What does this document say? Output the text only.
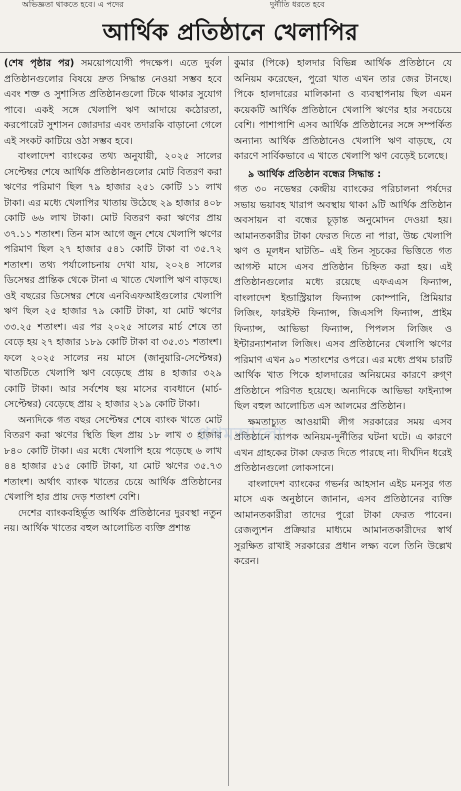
অভিজ্ঞতা থাকতে হবে। এ পদের	দুর্নীতি ধরতে হবে
আর্থিক প্রতিষ্ঠানে খেলাপির

(শেষ পৃষ্ঠার পর) সময়োপযোগী পদক্ষেপ। এতে দুর্বল প্রতিষ্ঠানগুলোর বিষয়ে দ্রুত সিদ্ধান্ত নেওয়া সম্ভব হবে এবং শক্ত ও সুশাসিত প্রতিষ্ঠানগুলো টিকে থাকার সুযোগ পাবে। একই সঙ্গে খেলাপি ঋণ আদায়ে কঠোরতা, করপোরেট সুশাসন জোরদার এবং তদারকি বাড়ানো গেলে এই সংকট কাটিয়ে ওঠা সম্ভব হবে।

বাংলাদেশ ব্যাংকের তথ্য অনুযায়ী, ২০২৫ সালের সেপ্টেম্বর শেষে আর্থিক প্রতিষ্ঠানগুলোর মোট বিতরণ করা ঋণের পরিমাণ ছিল ৭৯ হাজার ২৫১ কোটি ১১ লাখ টাকা। এর মধ্যে খেলাপির খাতায় উঠেছে ২৯ হাজার ৪০৮ কোটি ৬৬ লাখ টাকা। মোট বিতরণ করা ঋণের প্রায় ৩৭.১১ শতাংশ। তিন মাস আগে জুন শেষে খেলাপি ঋণের পরিমাণ ছিল ২৭ হাজার ৫৪১ কোটি টাকা বা ৩৫.৭২ শতাংশ। তথ্য পর্যালোচনায় দেখা যায়, ২০২৪ সালের ডিসেম্বর প্রান্তিক থেকে টানা এ খাতে খেলাপি ঋণ বাড়ছে। ওই বছরের ডিসেম্বর শেষে এনবিএফআইগুলোর খেলাপি ঋণ ছিল ২৫ হাজার ৭৯ কোটি টাকা, যা মোট ঋণের ৩৩.২৫ শতাংশ। এর পর ২০২৫ সালের মার্চ শেষে তা বেড়ে হয় ২৭ হাজার ১৮৯ কোটি টাকা বা ৩৫.৩১ শতাংশ। ফলে ২০২৫ সালের নয় মাসে (জানুয়ারি-সেপ্টেম্বর) খাতটিতে খেলাপি ঋণ বেড়েছে প্রায় ৪ হাজার ৩২৯ কোটি টাকা। আর সর্বশেষ ছয় মাসের ব্যবধানে (মার্চ-সেপ্টেম্বর) বেড়েছে প্রায় ২ হাজার ২১৯ কোটি টাকা।

অন্যদিকে গত বছর সেপ্টেম্বর শেষে ব্যাংক খাতে মোট বিতরণ করা ঋণের স্থিতি ছিল প্রায় ১৮ লাখ ৩ হাজার ৮৪০ কোটি টাকা। এর মধ্যে খেলাপি হয়ে পড়েছে ৬ লাখ ৪৪ হাজার ৫১৫ কোটি টাকা, যা মোট ঋণের ৩৫.৭৩ শতাংশ। অর্থাৎ ব্যাংক খাতের চেয়ে আর্থিক প্রতিষ্ঠানের খেলাপি হার প্রায় দেড় শতাংশ বেশি।

দেশের ব্যাংকবহির্ভূত আর্থিক প্রতিষ্ঠানের দুরবস্থা নতুন নয়। আর্থিক খাতের বহুল আলোচিত ব্যক্তি প্রশান্ত

কুমার (পিকে) হালদার বিভিন্ন আর্থিক প্রতিষ্ঠানে যে অনিয়ম করেছেন, পুরো খাত এখন তার জের টানছে। পিকে হালদারের মালিকানা ও ব্যবস্থাপনায় ছিল এমন কয়েকটি আর্থিক প্রতিষ্ঠানে খেলাপি ঋণের হার সবচেয়ে বেশি। পাশাপাশি এসব আর্থিক প্রতিষ্ঠানের সঙ্গে সম্পর্কিত অন্যান্য আর্থিক প্রতিষ্ঠানেও খেলাপি ঋণ বাড়ছে, যে কারণে সার্বিকভাবে এ খাতে খেলাপি ঋণ বেড়েই চলেছে।

৯ আর্থিক প্রতিষ্ঠান বন্ধের সিদ্ধান্ত :

গত ৩০ নভেম্বর কেন্দ্রীয় ব্যাংকের পরিচালনা পর্ষদের সভায় ভয়াবহ খারাপ অবস্থায় থাকা ৯টি আর্থিক প্রতিষ্ঠান অবসায়ন বা বন্ধের চূড়ান্ত অনুমোদন দেওয়া হয়। আমানতকারীর টাকা ফেরত দিতে না পারা, উচ্চ খেলাপি ঋণ ও মূলধন ঘাটতি– এই তিন সূচকের ভিত্তিতে গত আগস্ট মাসে এসব প্রতিষ্ঠান চিহ্নিত করা হয়। এই প্রতিষ্ঠানগুলোর মধ্যে রয়েছে এফএএস ফিন্যান্স, বাংলাদেশ ইন্ডাস্ট্রিয়াল ফিন্যান্স কোম্পানি, প্রিমিয়ার লিজিং, ফারইস্ট ফিন্যান্স, জিএসপি ফিন্যান্স, প্রাইম ফিন্যান্স, আভিভা ফিন্যান্স, পিপলস লিজিং ও ইন্টারন্যাশনাল লিজিং। এসব প্রতিষ্ঠানের খেলাপি ঋণের পরিমাণ এখন ৯০ শতাংশের ওপরে। এর মধ্যে প্রথম চারটি আর্থিক খাত পিকে হালদারের অনিয়মের কারণে রুগ্ণ প্রতিষ্ঠানে পরিণত হয়েছে। অন্যদিকে আভিভা ফাইন্যান্স ছিল বহুল আলোচিত এস আলমের প্রতিষ্ঠান।

ক্ষমতাচ্যুত আওয়ামী লীগ সরকারের সময় এসব প্রতিষ্ঠানে ব্যাপক অনিয়ম-দুর্নীতির ঘটনা ঘটে। এ কারণে এখন গ্রাহকের টাকা ফেরত দিতে পারছে না। দীর্ঘদিন ধরেই প্রতিষ্ঠানগুলো লোকসানে।

বাংলাদেশ ব্যাংকের গভর্নর আহসান এইচ মনসুর গত মাসে এক অনুষ্ঠানে জানান, এসব প্রতিষ্ঠানের ব্যক্তি আমানতকারীরা তাদের পুরো টাকা ফেরত পাবেন। রেজল্যুশন প্রক্রিয়ার মাধ্যমে আমানতকারীদের স্বার্থ সুরক্ষিত রাখাই সরকারের প্রধান লক্ষ্য বলে তিনি উল্লেখ করেন।

প্রথমআলো
